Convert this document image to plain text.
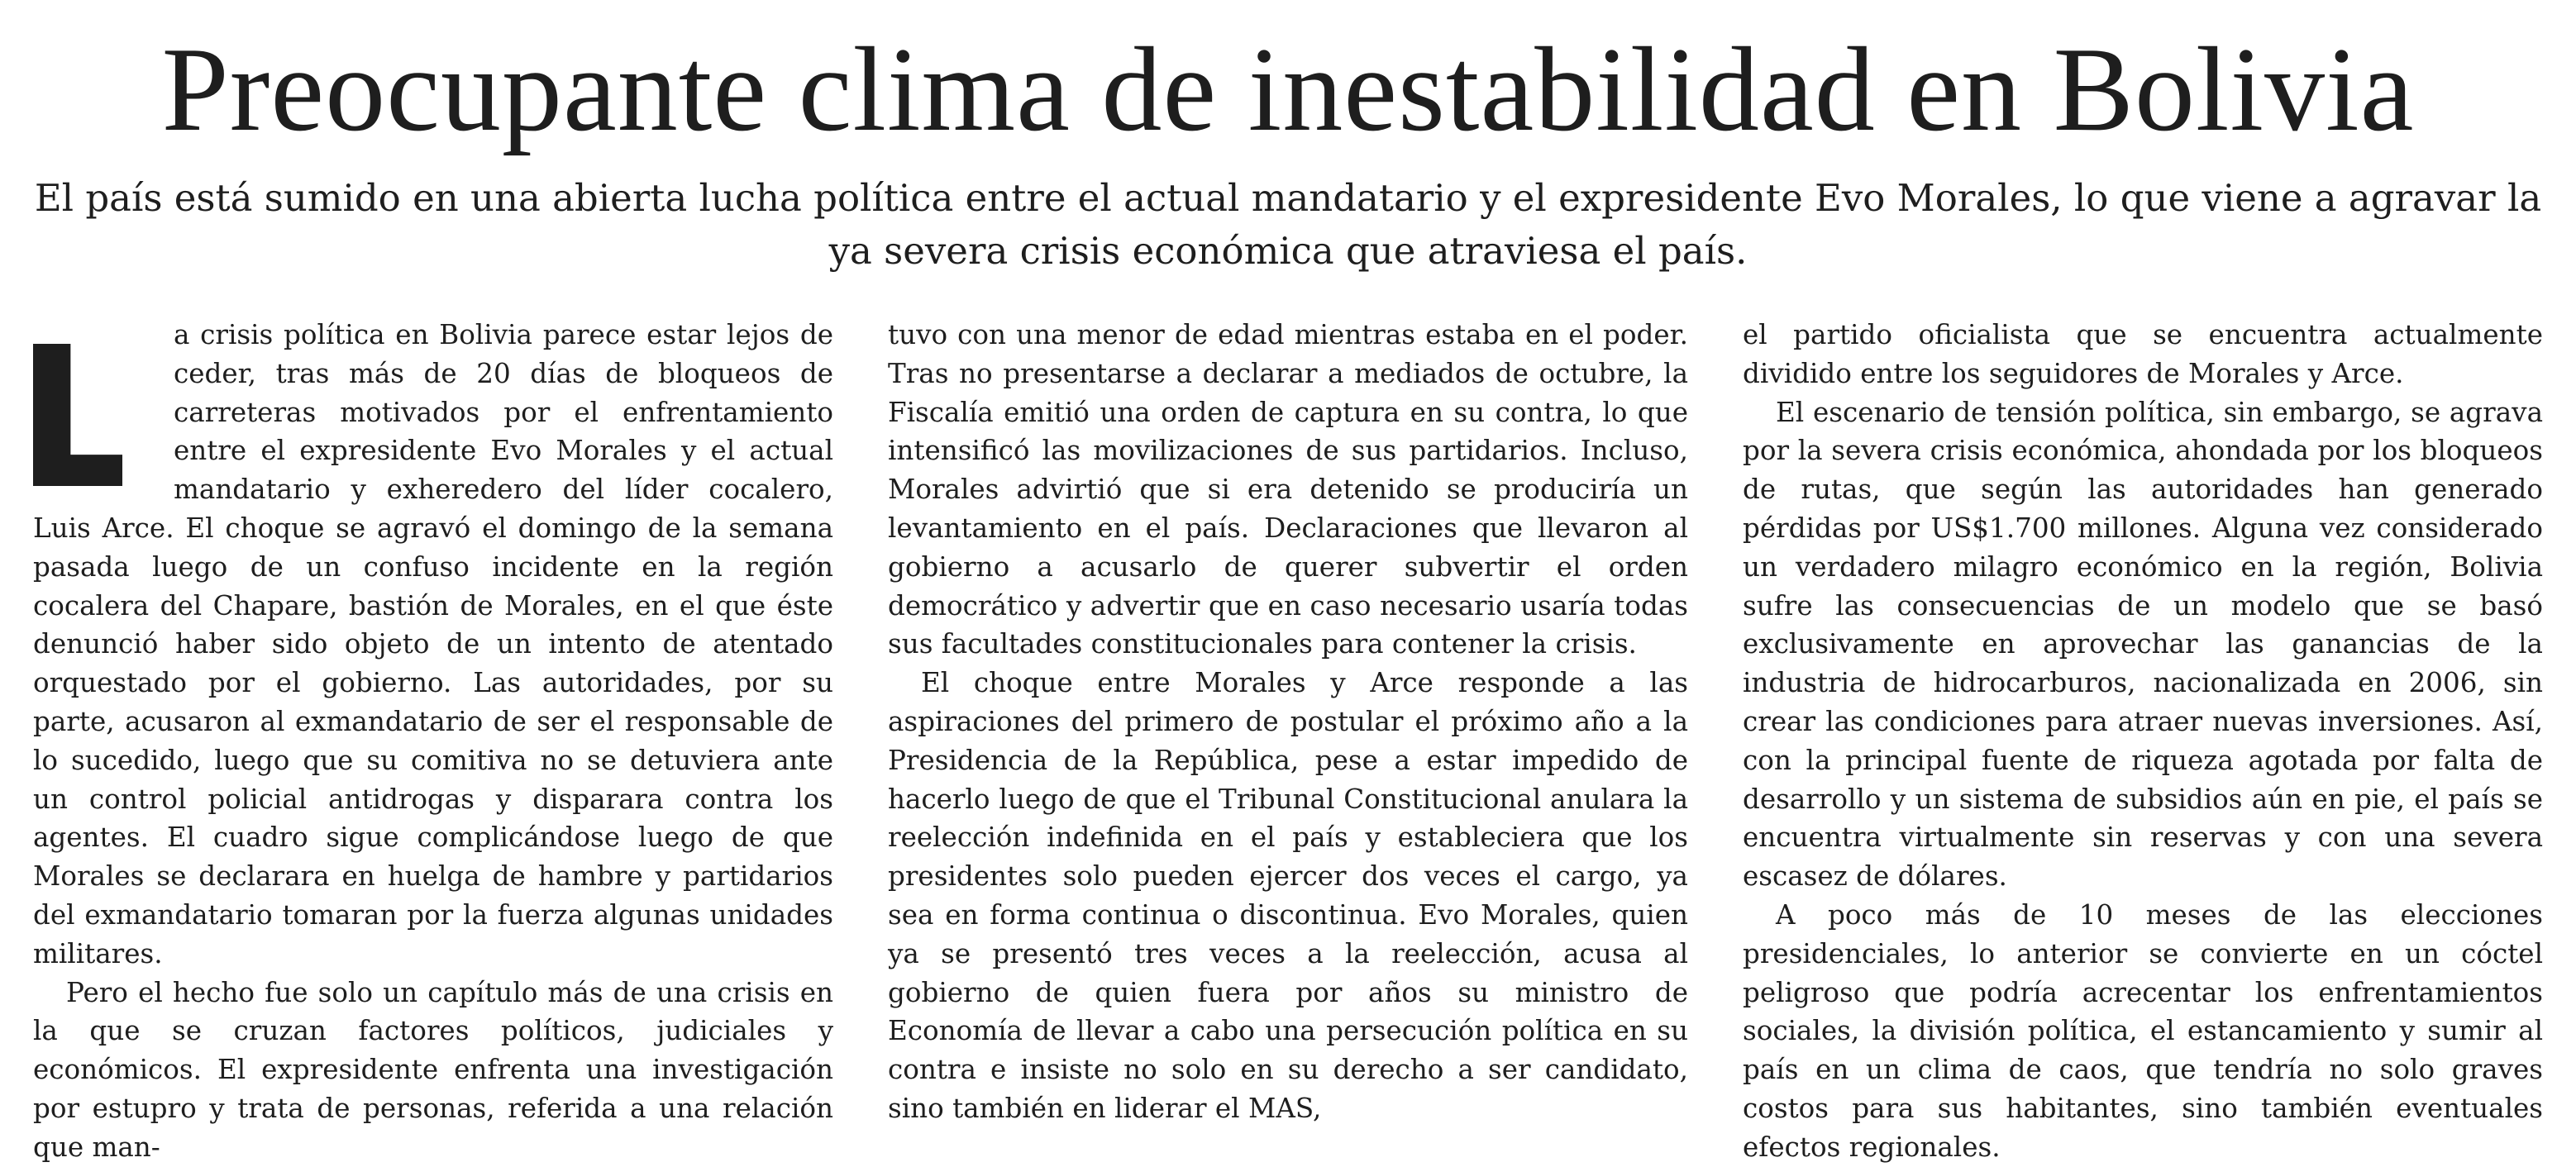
Preocupante clima de inestabilidad en Bolivia

El país está sumido en una abierta lucha política entre el actual mandatario y el expresidente Evo Morales, lo que viene a agravar la ya severa crisis económica que atraviesa el país.

a crisis política en Bolivia parece estar lejos de ceder, tras más de 20 días de bloqueos de carreteras motivados por el enfrentamiento entre el expresidente Evo Morales y el actual mandatario y exheredero del líder cocalero, Luis Arce. El choque se agravó el domingo de la semana pasada luego de un confuso incidente en la región cocalera del Chapare, bastión de Morales, en el que éste denunció haber sido objeto de un intento de atentado orquestado por el gobierno. Las autoridades, por su parte, acusaron al exmandatario de ser el responsable de lo sucedido, luego que su comitiva no se detuviera ante un control policial antidrogas y disparara contra los agentes. El cuadro sigue complicándose luego de que Morales se declarara en huelga de hambre y partidarios del exmandatario tomaran por la fuerza algunas unidades militares.

Pero el hecho fue solo un capítulo más de una crisis en la que se cruzan factores políticos, judiciales y económicos. El expresidente enfrenta una investigación por estupro y trata de personas, referida a una relación que man-

tuvo con una menor de edad mientras estaba en el poder. Tras no presentarse a declarar a mediados de octubre, la Fiscalía emitió una orden de captura en su contra, lo que intensificó las movilizaciones de sus partidarios. Incluso, Morales advirtió que si era detenido se produciría un levantamiento en el país. Declaraciones que llevaron al gobierno a acusarlo de querer subvertir el orden democrático y advertir que en caso necesario usaría todas sus facultades constitucionales para contener la crisis.

El choque entre Morales y Arce responde a las aspiraciones del primero de postular el próximo año a la Presidencia de la República, pese a estar impedido de hacerlo luego de que el Tribunal Constitucional anulara la reelección indefinida en el país y estableciera que los presidentes solo pueden ejercer dos veces el cargo, ya sea en forma continua o discontinua. Evo Morales, quien ya se presentó tres veces a la reelección, acusa al gobierno de quien fuera por años su ministro de Economía de llevar a cabo una persecución política en su contra e insiste no solo en su derecho a ser candidato, sino también en liderar el MAS,

el partido oficialista que se encuentra actualmente dividido entre los seguidores de Morales y Arce.

El escenario de tensión política, sin embargo, se agrava por la severa crisis económica, ahondada por los bloqueos de rutas, que según las autoridades han generado pérdidas por US$1.700 millones. Alguna vez considerado un verdadero milagro económico en la región, Bolivia sufre las consecuencias de un modelo que se basó exclusivamente en aprovechar las ganancias de la industria de hidrocarburos, nacionalizada en 2006, sin crear las condiciones para atraer nuevas inversiones. Así, con la principal fuente de riqueza agotada por falta de desarrollo y un sistema de subsidios aún en pie, el país se encuentra virtualmente sin reservas y con una severa escasez de dólares.

A poco más de 10 meses de las elecciones presidenciales, lo anterior se convierte en un cóctel peligroso que podría acrecentar los enfrentamientos sociales, la división política, el estancamiento y sumir al país en un clima de caos, que tendría no solo graves costos para sus habitantes, sino también eventuales efectos regionales.
